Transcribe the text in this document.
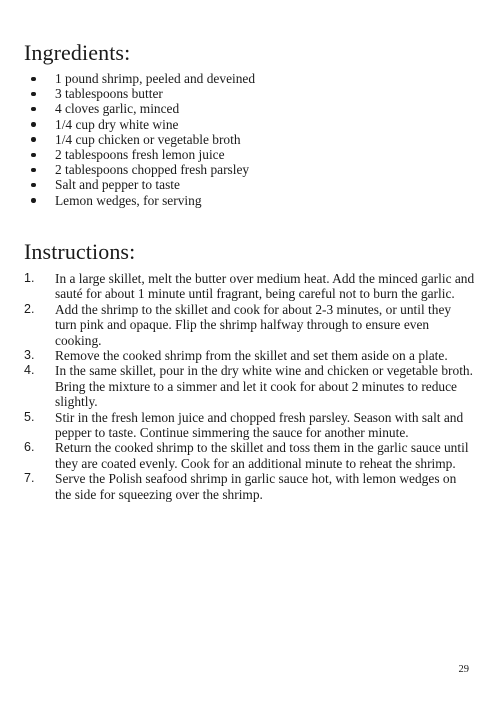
Ingredients:
1 pound shrimp, peeled and deveined
3 tablespoons butter
4 cloves garlic, minced
1/4 cup dry white wine
1/4 cup chicken or vegetable broth
2 tablespoons fresh lemon juice
2 tablespoons chopped fresh parsley
Salt and pepper to taste
Lemon wedges, for serving
Instructions:
1. In a large skillet, melt the butter over medium heat. Add the minced garlic and sauté for about 1 minute until fragrant, being careful not to burn the garlic.
2. Add the shrimp to the skillet and cook for about 2-3 minutes, or until they turn pink and opaque. Flip the shrimp halfway through to ensure even cooking.
3. Remove the cooked shrimp from the skillet and set them aside on a plate.
4. In the same skillet, pour in the dry white wine and chicken or vegetable broth. Bring the mixture to a simmer and let it cook for about 2 minutes to reduce slightly.
5. Stir in the fresh lemon juice and chopped fresh parsley. Season with salt and pepper to taste. Continue simmering the sauce for another minute.
6. Return the cooked shrimp to the skillet and toss them in the garlic sauce until they are coated evenly. Cook for an additional minute to reheat the shrimp.
7. Serve the Polish seafood shrimp in garlic sauce hot, with lemon wedges on the side for squeezing over the shrimp.
29
